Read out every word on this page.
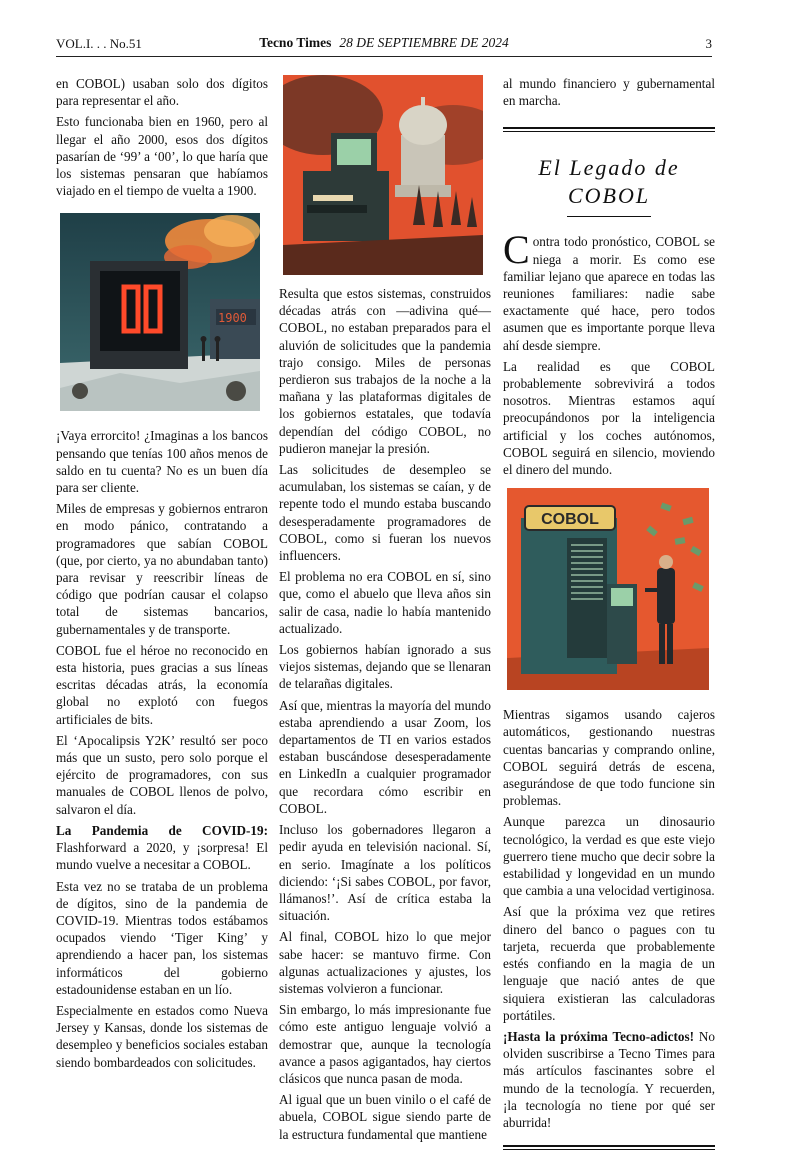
VOL.I. . . No.51	Tecno Times 28 DE SEPTIEMBRE DE 2024	3

en COBOL) usaban solo dos dígitos para representar el año.

Esto funcionaba bien en 1960, pero al llegar el año 2000, esos dos dígitos pasarían de ‘99’ a ‘00’, lo que haría que los sistemas pensaran que habíamos viajado en el tiempo de vuelta a 1900.

1900

¡Vaya errorcito! ¿Imaginas a los bancos pensando que tenías 100 años menos de saldo en tu cuenta? No es un buen día para ser cliente.

Miles de empresas y gobiernos entraron en modo pánico, contratando a programadores que sabían COBOL (que, por cierto, ya no abundaban tanto) para revisar y reescribir líneas de código que podrían causar el colapso total de sistemas bancarios, gubernamentales y de transporte.

COBOL fue el héroe no reconocido en esta historia, pues gracias a sus líneas escritas décadas atrás, la economía global no explotó con fuegos artificiales de bits.

El ‘Apocalipsis Y2K’ resultó ser poco más que un susto, pero solo porque el ejército de programadores, con sus manuales de COBOL llenos de polvo, salvaron el día.

La Pandemia de COVID-19: Flashforward a 2020, y ¡sorpresa! El mundo vuelve a necesitar a COBOL.

Esta vez no se trataba de un problema de dígitos, sino de la pandemia de COVID-19. Mientras todos estábamos ocupados viendo ‘Tiger King’ y aprendiendo a hacer pan, los sistemas informáticos del gobierno estadounidense estaban en un lío.

Especialmente en estados como Nueva Jersey y Kansas, donde los sistemas de desempleo y beneficios sociales estaban siendo bombardeados con solicitudes.

Resulta que estos sistemas, construidos décadas atrás con —adivina qué— COBOL, no estaban preparados para el aluvión de solicitudes que la pandemia trajo consigo. Miles de personas perdieron sus trabajos de la noche a la mañana y las plataformas digitales de los gobiernos estatales, que todavía dependían del código COBOL, no pudieron manejar la presión.

Las solicitudes de desempleo se acumulaban, los sistemas se caían, y de repente todo el mundo estaba buscando desesperadamente programadores de COBOL, como si fueran los nuevos influencers.

El problema no era COBOL en sí, sino que, como el abuelo que lleva años sin salir de casa, nadie lo había mantenido actualizado.

Los gobiernos habían ignorado a sus viejos sistemas, dejando que se llenaran de telarañas digitales.

Así que, mientras la mayoría del mundo estaba aprendiendo a usar Zoom, los departamentos de TI en varios estados estaban buscándose desesperadamente en LinkedIn a cualquier programador que recordara cómo escribir en COBOL.

Incluso los gobernadores llegaron a pedir ayuda en televisión nacional. Sí, en serio. Imagínate a los políticos diciendo: ‘¡Si sabes COBOL, por favor, llámanos!’. Así de crítica estaba la situación.

Al final, COBOL hizo lo que mejor sabe hacer: se mantuvo firme. Con algunas actualizaciones y ajustes, los sistemas volvieron a funcionar.

Sin embargo, lo más impresionante fue cómo este antiguo lenguaje volvió a demostrar que, aunque la tecnología avance a pasos agigantados, hay ciertos clásicos que nunca pasan de moda.

Al igual que un buen vinilo o el café de abuela, COBOL sigue siendo parte de la estructura fundamental que mantiene

al mundo financiero y gubernamental en marcha.

El Legado de COBOL

Contra todo pronóstico, COBOL se niega a morir. Es como ese familiar lejano que aparece en todas las reuniones familiares: nadie sabe exactamente qué hace, pero todos asumen que es importante porque lleva ahí desde siempre.

La realidad es que COBOL probablemente sobrevivirá a todos nosotros. Mientras estamos aquí preocupándonos por la inteligencia artificial y los coches autónomos, COBOL seguirá en silencio, moviendo el dinero del mundo.

COBOL

Mientras sigamos usando cajeros automáticos, gestionando nuestras cuentas bancarias y comprando online, COBOL seguirá detrás de escena, asegurándose de que todo funcione sin problemas.

Aunque parezca un dinosaurio tecnológico, la verdad es que este viejo guerrero tiene mucho que decir sobre la estabilidad y longevidad en un mundo que cambia a una velocidad vertiginosa.

Así que la próxima vez que retires dinero del banco o pagues con tu tarjeta, recuerda que probablemente estés confiando en la magia de un lenguaje que nació antes de que siquiera existieran las calculadoras portátiles.

¡Hasta la próxima Tecno-adictos! No olviden suscribirse a Tecno Times para más artículos fascinantes sobre el mundo de la tecnología. Y recuerden, ¡la tecnología no tiene por qué ser aburrida!
